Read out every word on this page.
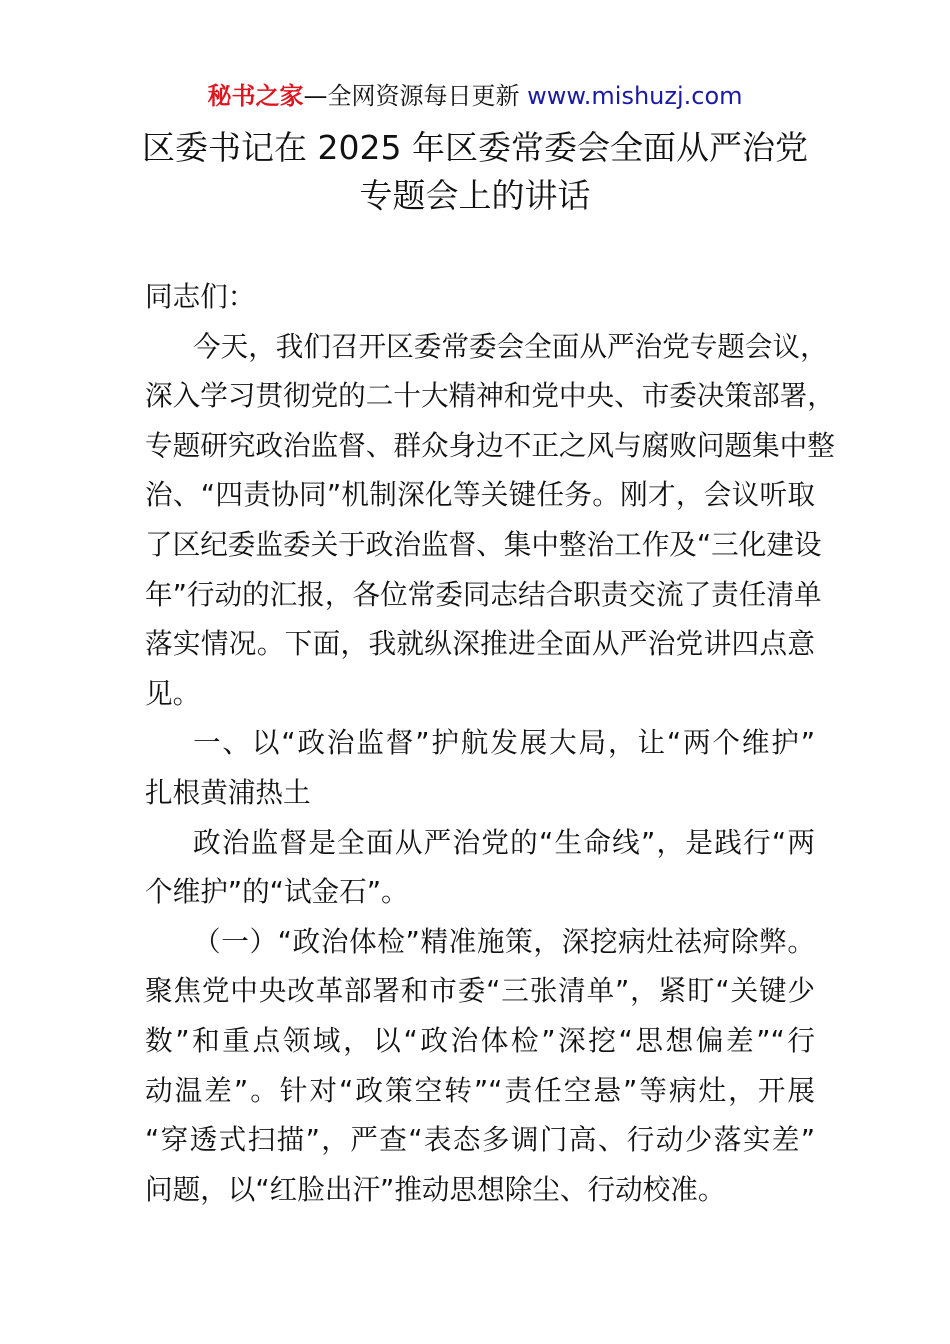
秘书之家—全网资源每日更新 www.mishuzj.com
区委书记在 2025 年区委常委会全面从严治党
专题会上的讲话
同志们：
今天，我们召开区委常委会全面从严治党专题会议，
深入学习贯彻党的二十大精神和党中央、市委决策部署，
专题研究政治监督、群众身边不正之风与腐败问题集中整
治、“四责协同”机制深化等关键任务。刚才，会议听取
了区纪委监委关于政治监督、集中整治工作及“三化建设
年”行动的汇报，各位常委同志结合职责交流了责任清单
落实情况。下面，我就纵深推进全面从严治党讲四点意
见。
一、以“政治监督”护航发展大局，让“两个维护”
扎根黄浦热土
政治监督是全面从严治党的“生命线”，是践行“两
个维护”的“试金石”。
（一）“政治体检”精准施策，深挖病灶祛疴除弊。
聚焦党中央改革部署和市委“三张清单”，紧盯“关键少
数”和重点领域，以“政治体检”深挖“思想偏差”“行
动温差”。针对“政策空转”“责任空悬”等病灶，开展
“穿透式扫描”，严查“表态多调门高、行动少落实差”
问题，以“红脸出汗”推动思想除尘、行动校准。
